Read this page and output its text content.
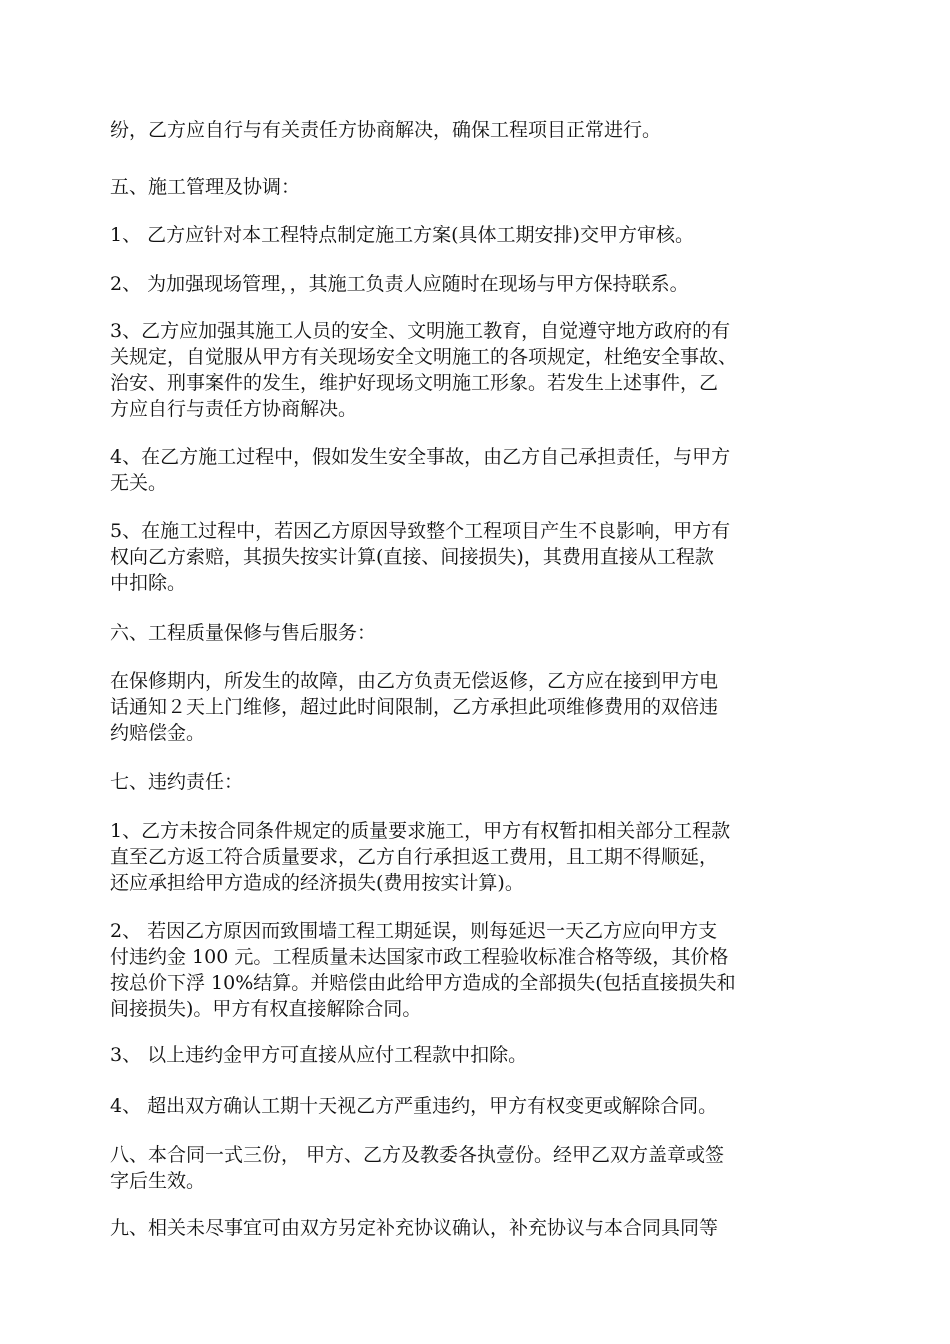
纷，乙方应自行与有关责任方协商解决，确保工程项目正常进行。

五、施工管理及协调：

1、 乙方应针对本工程特点制定施工方案(具体工期安排)交甲方审核。

2、 为加强现场管理，，其施工负责人应随时在现场与甲方保持联系。

3、乙方应加强其施工人员的安全、文明施工教育，自觉遵守地方政府的有
关规定，自觉服从甲方有关现场安全文明施工的各项规定，杜绝安全事故、
治安、刑事案件的发生，维护好现场文明施工形象。若发生上述事件，乙
方应自行与责任方协商解决。

4、在乙方施工过程中，假如发生安全事故，由乙方自己承担责任，与甲方
无关。

5、在施工过程中，若因乙方原因导致整个工程项目产生不良影响，甲方有
权向乙方索赔，其损失按实计算(直接、间接损失)，其费用直接从工程款
中扣除。

六、工程质量保修与售后服务：

在保修期内，所发生的故障，由乙方负责无偿返修，乙方应在接到甲方电
话通知２天上门维修，超过此时间限制，乙方承担此项维修费用的双倍违
约赔偿金。

七、违约责任：

1、乙方未按合同条件规定的质量要求施工，甲方有权暂扣相关部分工程款
直至乙方返工符合质量要求，乙方自行承担返工费用，且工期不得顺延，
还应承担给甲方造成的经济损失(费用按实计算)。

2、 若因乙方原因而致围墙工程工期延误，则每延迟一天乙方应向甲方支
付违约金 100 元。工程质量未达国家市政工程验收标准合格等级，其价格
按总价下浮 10%结算。并赔偿由此给甲方造成的全部损失(包括直接损失和
间接损失)。甲方有权直接解除合同。

3、 以上违约金甲方可直接从应付工程款中扣除。

4、 超出双方确认工期十天视乙方严重违约，甲方有权变更或解除合同。

八、本合同一式三份， 甲方、乙方及教委各执壹份。经甲乙双方盖章或签
字后生效。

九、相关未尽事宜可由双方另定补充协议确认，补充协议与本合同具同等
